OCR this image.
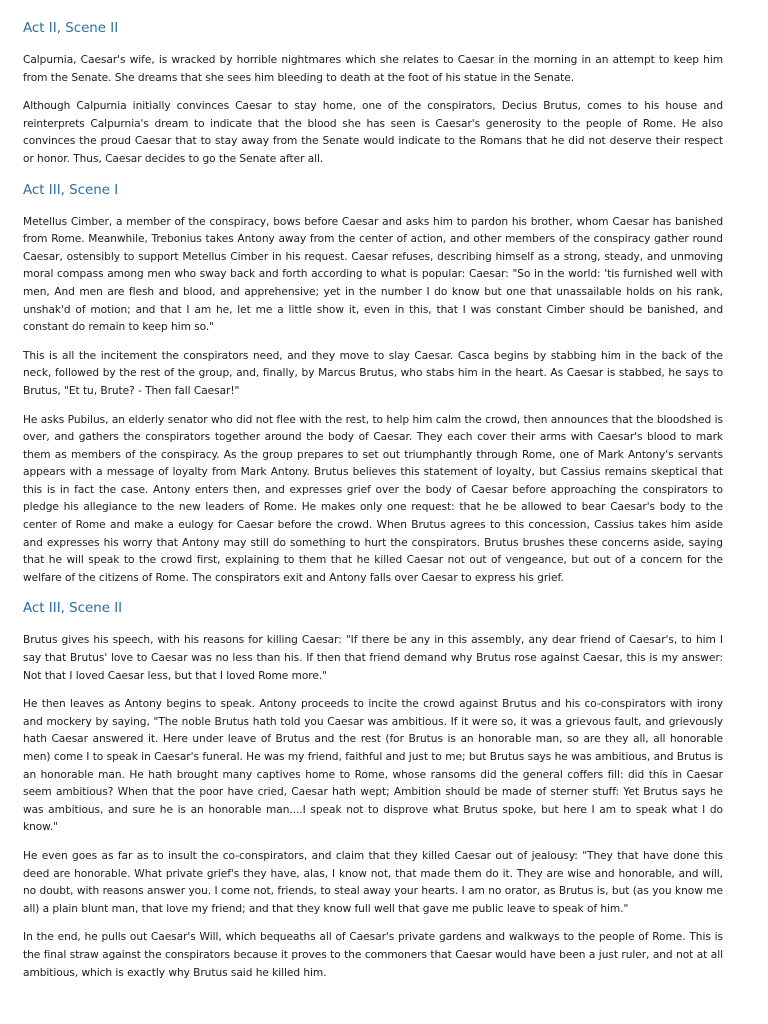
Act II, Scene II

Calpurnia, Caesar's wife, is wracked by horrible nightmares which she relates to Caesar in the morning in an attempt to keep him from the Senate. She dreams that she sees him bleeding to death at the foot of his statue in the Senate.

Although Calpurnia initially convinces Caesar to stay home, one of the conspirators, Decius Brutus, comes to his house and reinterprets Calpurnia's dream to indicate that the blood she has seen is Caesar's generosity to the people of Rome. He also convinces the proud Caesar that to stay away from the Senate would indicate to the Romans that he did not deserve their respect or honor. Thus, Caesar decides to go the Senate after all.

Act III, Scene I

Metellus Cimber, a member of the conspiracy, bows before Caesar and asks him to pardon his brother, whom Caesar has banished from Rome. Meanwhile, Trebonius takes Antony away from the center of action, and other members of the conspiracy gather round Caesar, ostensibly to support Metellus Cimber in his request. Caesar refuses, describing himself as a strong, steady, and unmoving moral compass among men who sway back and forth according to what is popular: Caesar: "So in the world: 'tis furnished well with men, And men are flesh and blood, and apprehensive; yet in the number I do know but one that unassailable holds on his rank, unshak'd of motion; and that I am he, let me a little show it, even in this, that I was constant Cimber should be banished, and constant do remain to keep him so."

This is all the incitement the conspirators need, and they move to slay Caesar. Casca begins by stabbing him in the back of the neck, followed by the rest of the group, and, finally, by Marcus Brutus, who stabs him in the heart. As Caesar is stabbed, he says to Brutus, "Et tu, Brute? - Then fall Caesar!"

He asks Pubilus, an elderly senator who did not flee with the rest, to help him calm the crowd, then announces that the bloodshed is over, and gathers the conspirators together around the body of Caesar. They each cover their arms with Caesar's blood to mark them as members of the conspiracy. As the group prepares to set out triumphantly through Rome, one of Mark Antony's servants appears with a message of loyalty from Mark Antony. Brutus believes this statement of loyalty, but Cassius remains skeptical that this is in fact the case. Antony enters then, and expresses grief over the body of Caesar before approaching the conspirators to pledge his allegiance to the new leaders of Rome. He makes only one request: that he be allowed to bear Caesar's body to the center of Rome and make a eulogy for Caesar before the crowd. When Brutus agrees to this concession, Cassius takes him aside and expresses his worry that Antony may still do something to hurt the conspirators. Brutus brushes these concerns aside, saying that he will speak to the crowd first, explaining to them that he killed Caesar not out of vengeance, but out of a concern for the welfare of the citizens of Rome. The conspirators exit and Antony falls over Caesar to express his grief.

Act III, Scene II

Brutus gives his speech, with his reasons for killing Caesar: "If there be any in this assembly, any dear friend of Caesar's, to him I say that Brutus' love to Caesar was no less than his. If then that friend demand why Brutus rose against Caesar, this is my answer: Not that I loved Caesar less, but that I loved Rome more."

He then leaves as Antony begins to speak. Antony proceeds to incite the crowd against Brutus and his co-conspirators with irony and mockery by saying, "The noble Brutus hath told you Caesar was ambitious. If it were so, it was a grievous fault, and grievously hath Caesar answered it. Here under leave of Brutus and the rest (for Brutus is an honorable man, so are they all, all honorable men) come I to speak in Caesar's funeral. He was my friend, faithful and just to me; but Brutus says he was ambitious, and Brutus is an honorable man. He hath brought many captives home to Rome, whose ransoms did the general coffers fill: did this in Caesar seem ambitious? When that the poor have cried, Caesar hath wept; Ambition should be made of sterner stuff: Yet Brutus says he was ambitious, and sure he is an honorable man....I speak not to disprove what Brutus spoke, but here I am to speak what I do know."

He even goes as far as to insult the co-conspirators, and claim that they killed Caesar out of jealousy: "They that have done this deed are honorable. What private grief's they have, alas, I know not, that made them do it. They are wise and honorable, and will, no doubt, with reasons answer you. I come not, friends, to steal away your hearts. I am no orator, as Brutus is, but (as you know me all) a plain blunt man, that love my friend; and that they know full well that gave me public leave to speak of him."

In the end, he pulls out Caesar's Will, which bequeaths all of Caesar's private gardens and walkways to the people of Rome. This is the final straw against the conspirators because it proves to the commoners that Caesar would have been a just ruler, and not at all ambitious, which is exactly why Brutus said he killed him.
